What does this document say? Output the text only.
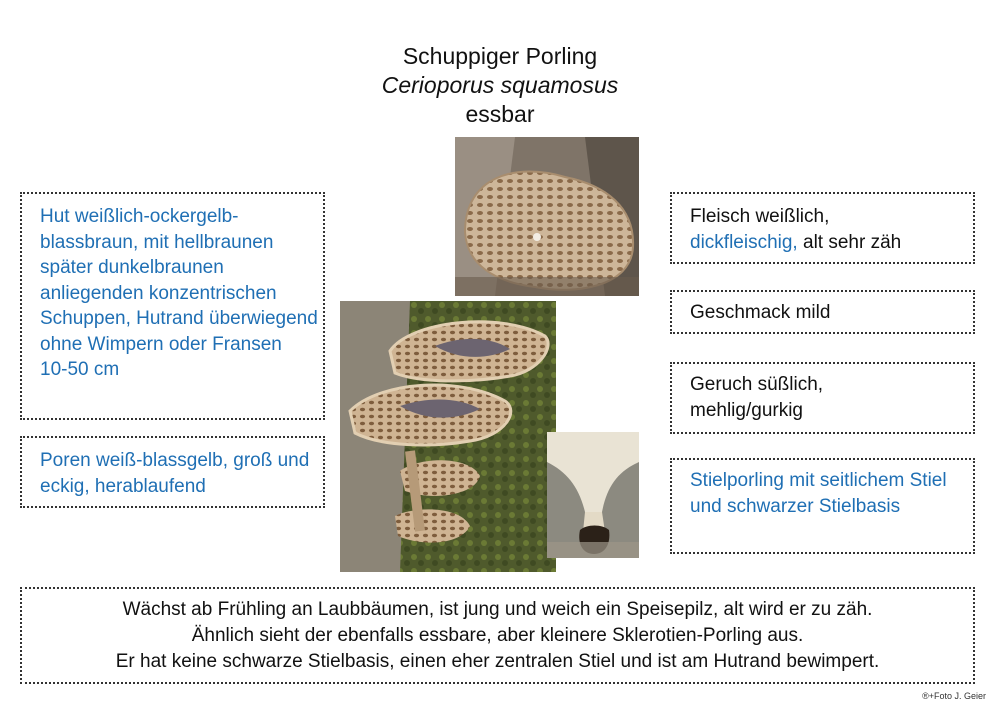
Schuppiger Porling
Cerioporus squamosus
essbar
Hut weißlich-ockergelb-blassbraun, mit hellbraunen später dunkelbraunen anliegenden konzentrischen Schuppen, Hutrand überwiegend ohne Wimpern oder Fransen
10-50 cm
Poren weiß-blassgelb, groß und eckig, herablaufend
Fleisch weißlich,
dickfleischig, alt sehr zäh
Geschmack mild
Geruch süßlich, mehlig/gurkig
Stielporling mit seitlichem Stiel und schwarzer Stielbasis
Wächst ab Frühling an Laubbäumen, ist jung und weich ein Speisepilz, alt wird er zu zäh.
Ähnlich sieht der ebenfalls essbare, aber kleinere Sklerotien-Porling aus.
Er hat keine schwarze Stielbasis, einen eher zentralen Stiel und ist am Hutrand bewimpert.
®+Foto J. Geier
